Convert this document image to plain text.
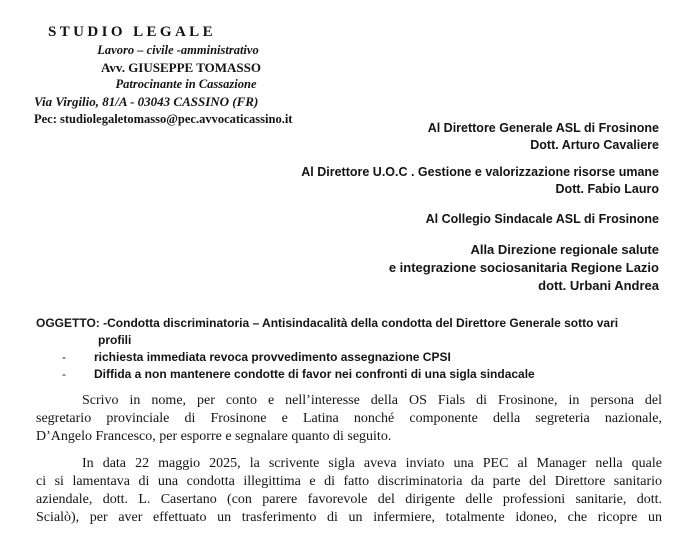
STUDIO LEGALE
Lavoro – civile -amministrativo
Avv. GIUSEPPE TOMASSO
Patrocinante in Cassazione
Via Virgilio, 81/A - 03043 CASSINO (FR)
Pec: studiolegaletomasso@pec.avvocaticassino.it
Al Direttore Generale ASL di Frosinone
Dott. Arturo Cavaliere
Al Direttore U.O.C . Gestione e valorizzazione risorse umane
Dott. Fabio Lauro
Al Collegio Sindacale ASL di Frosinone
Alla Direzione regionale salute
e integrazione sociosanitaria Regione Lazio
dott. Urbani Andrea
OGGETTO: -Condotta discriminatoria – Antisindacalità della condotta del Direttore Generale sotto vari
profili
- richiesta immediata revoca provvedimento assegnazione CPSI
- Diffida a non mantenere condotte di favor nei confronti di una sigla sindacale
Scrivo in nome, per conto e nell’interesse della OS Fials di Frosinone, in persona del
segretario provinciale di Frosinone e Latina nonché componente della segreteria nazionale,
D’Angelo Francesco, per esporre e segnalare quanto di seguito.
In data 22 maggio 2025, la scrivente sigla aveva inviato una PEC al Manager nella quale
ci si lamentava di una condotta illegittima e di fatto discriminatoria da parte del Direttore sanitario
aziendale, dott. L. Casertano (con parere favorevole del dirigente delle professioni sanitarie, dott.
Scialò), per aver effettuato un trasferimento di un infermiere, totalmente idoneo, che ricopre un
